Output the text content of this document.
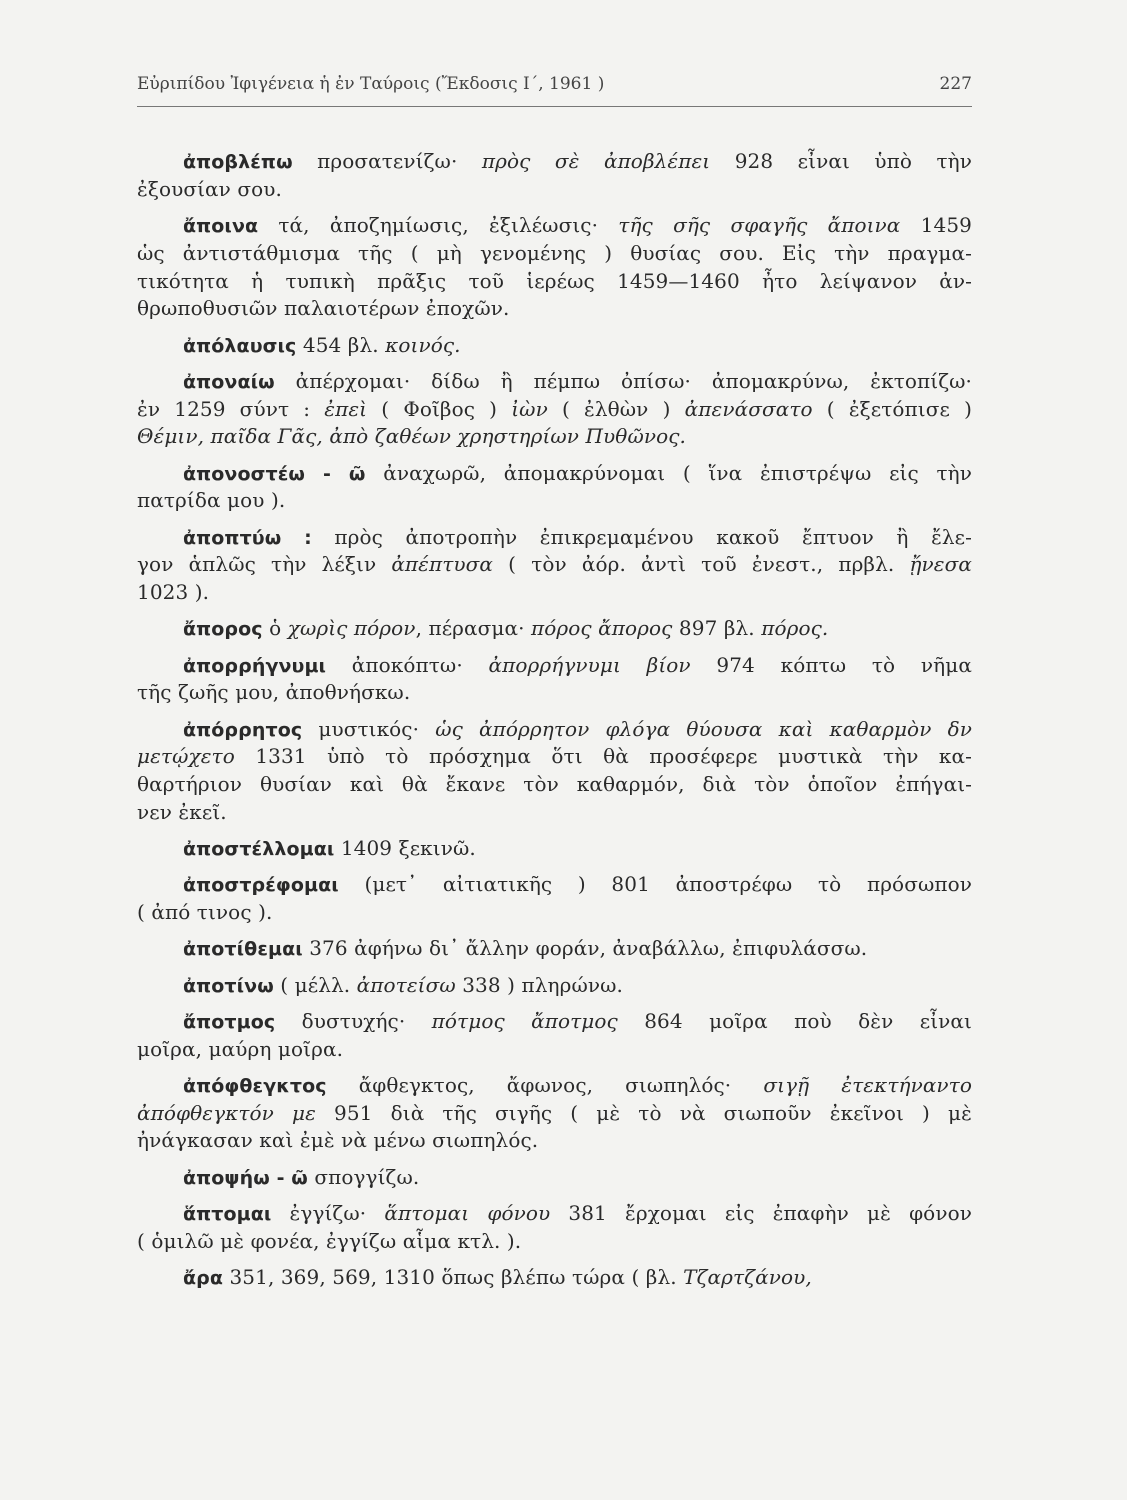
Εὐριπίδου Ἰφιγένεια ἡ ἐν Ταύροις (Ἔκδοσις Ι΄, 1961 )	227
ἀποβλέπω προσατενίζω· πρὸς σὲ ἀποβλέπει 928 εἶναι ὑπὸ τὴν
ἐξουσίαν σου.
ἄποινα τά, ἀποζημίωσις, ἐξιλέωσις· τῆς σῆς σφαγῆς ἄποινα 1459
ὡς ἀντιστάθμισμα τῆς ( μὴ γενομένης ) θυσίας σου. Εἰς τὴν πραγμα-
τικότητα ἡ τυπικὴ πρᾶξις τοῦ ἱερέως 1459—1460 ἦτο λείψανον ἀν-
θρωποθυσιῶν παλαιοτέρων ἐποχῶν.
ἀπόλαυσις 454 βλ. κοινός.
ἀποναίω ἀπέρχομαι· δίδω ἢ πέμπω ὀπίσω· ἀπομακρύνω, ἐκτοπίζω·
ἐν 1259 σύντ : ἐπεὶ ( Φοῖβος ) ἰὼν ( ἐλθὼν ) ἀπενάσσατο ( ἐξετόπισε )
Θέμιν, παῖδα Γᾶς, ἀπὸ ζαθέων χρηστηρίων Πυθῶνος.
ἀπονοστέω - ῶ ἀναχωρῶ, ἀπομακρύνομαι ( ἵνα ἐπιστρέψω εἰς τὴν
πατρίδα μου ).
ἀποπτύω : πρὸς ἀποτροπὴν ἐπικρεμαμένου κακοῦ ἔπτυον ἢ ἔλε-
γον ἁπλῶς τὴν λέξιν ἀπέπτυσα ( τὸν ἀόρ. ἀντὶ τοῦ ἐνεστ., πρβλ. ᾔνεσα
1023 ).
ἄπορος ὁ χωρὶς πόρον, πέρασμα· πόρος ἄπορος 897 βλ. πόρος.
ἀπορρήγνυμι ἀποκόπτω· ἀπορρήγνυμι βίον 974 κόπτω τὸ νῆμα
τῆς ζωῆς μου, ἀποθνήσκω.
ἀπόρρητος μυστικός· ὡς ἀπόρρητον φλόγα θύουσα καὶ καθαρμὸν δν
μετῴχετο 1331 ὑπὸ τὸ πρόσχημα ὅτι θὰ προσέφερε μυστικὰ τὴν κα-
θαρτήριον θυσίαν καὶ θὰ ἔκανε τὸν καθαρμόν, διὰ τὸν ὁποῖον ἐπήγαι-
νεν ἐκεῖ.
ἀποστέλλομαι 1409 ξεκινῶ.
ἀποστρέφομαι (μετ᾽ αἰτιατικῆς ) 801 ἀποστρέφω τὸ πρόσωπον
( ἀπό τινος ).
ἀποτίθεμαι 376 ἀφήνω δι᾽ ἄλλην φοράν, ἀναβάλλω, ἐπιφυλάσσω.
ἀποτίνω ( μέλλ. ἀποτείσω 338 ) πληρώνω.
ἄποτμος δυστυχής· πότμος ἄποτμος 864 μοῖρα ποὺ δὲν εἶναι
μοῖρα, μαύρη μοῖρα.
ἀπόφθεγκτος ἄφθεγκτος, ἄφωνος, σιωπηλός· σιγῇ ἐτεκτήναντο
ἀπόφθεγκτόν με 951 διὰ τῆς σιγῆς ( μὲ τὸ νὰ σιωποῦν ἐκεῖνοι ) μὲ
ἠνάγκασαν καὶ ἐμὲ νὰ μένω σιωπηλός.
ἀποψήω - ῶ σπογγίζω.
ἅπτομαι ἐγγίζω· ἅπτομαι φόνου 381 ἔρχομαι εἰς ἐπαφὴν μὲ φόνον
( ὁμιλῶ μὲ φονέα, ἐγγίζω αἷμα κτλ. ).
ἄρα 351, 369, 569, 1310 ὅπως βλέπω τώρα ( βλ. Τζαρτζάνου,
